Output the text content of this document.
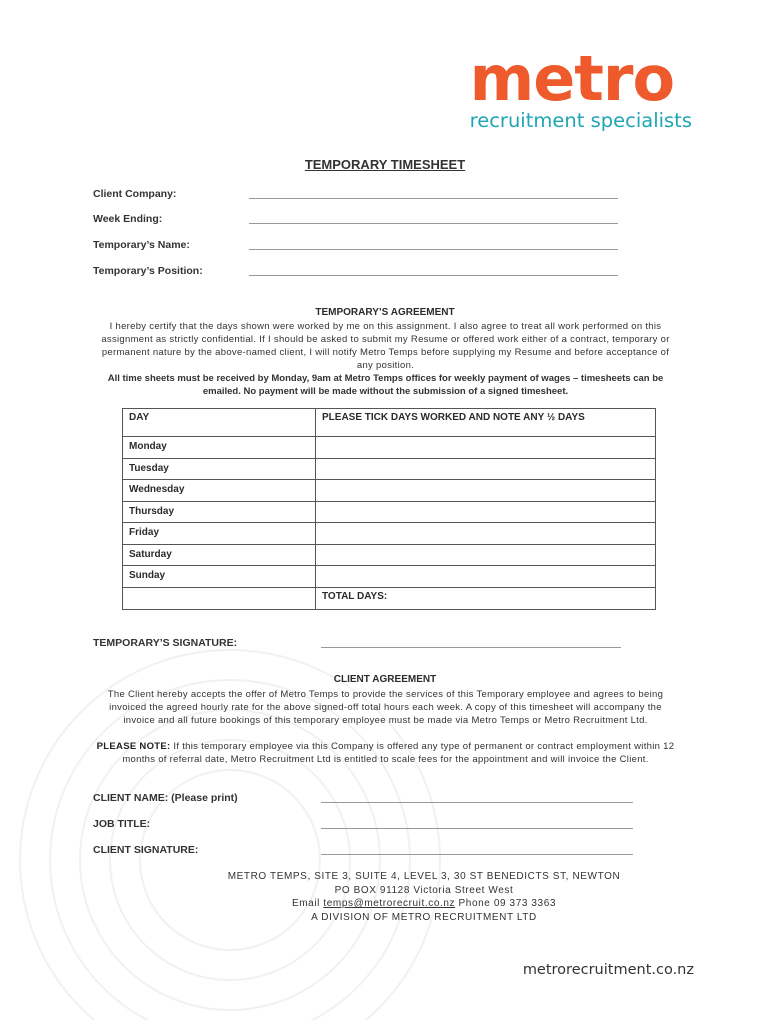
metro
recruitment specialists
TEMPORARY TIMESHEET
Client Company:
Week Ending:
Temporary’s Name:
Temporary’s Position:
TEMPORARY’S AGREEMENT

I hereby certify that the days shown were worked by me on this assignment. I also agree to treat all work performed on this assignment as strictly confidential. If I should be asked to submit my Resume or offered work either of a contract, temporary or permanent nature by the above-named client, I will notify Metro Temps before supplying my Resume and before acceptance of any position.

All time sheets must be received by Monday, 9am at Metro Temps offices for weekly payment of wages – timesheets can be emailed. No payment will be made without the submission of a signed timesheet.

DAY	PLEASE TICK DAYS WORKED AND NOTE ANY ½ DAYS
Monday	
Tuesday	
Wednesday	
Thursday	
Friday	
Saturday	
Sunday	
	TOTAL DAYS:
TEMPORARY’S SIGNATURE:
CLIENT AGREEMENT

The Client hereby accepts the offer of Metro Temps to provide the services of this Temporary employee and agrees to being invoiced the agreed hourly rate for the above signed-off total hours each week. A copy of this timesheet will accompany the invoice and all future bookings of this temporary employee must be made via Metro Temps or Metro Recruitment Ltd.

PLEASE NOTE: If this temporary employee via this Company is offered any type of permanent or contract employment within 12 months of referral date, Metro Recruitment Ltd is entitled to scale fees for the appointment and will invoice the Client.

CLIENT NAME: (Please print)
JOB TITLE:
CLIENT SIGNATURE:
METRO TEMPS, SITE 3, SUITE 4, LEVEL 3, 30 ST BENEDICTS ST, NEWTON
PO BOX 91128 Victoria Street West
Email temps@metrorecruit.co.nz Phone 09 373 3363
A DIVISION OF METRO RECRUITMENT LTD
metrorecruitment.co.nz
